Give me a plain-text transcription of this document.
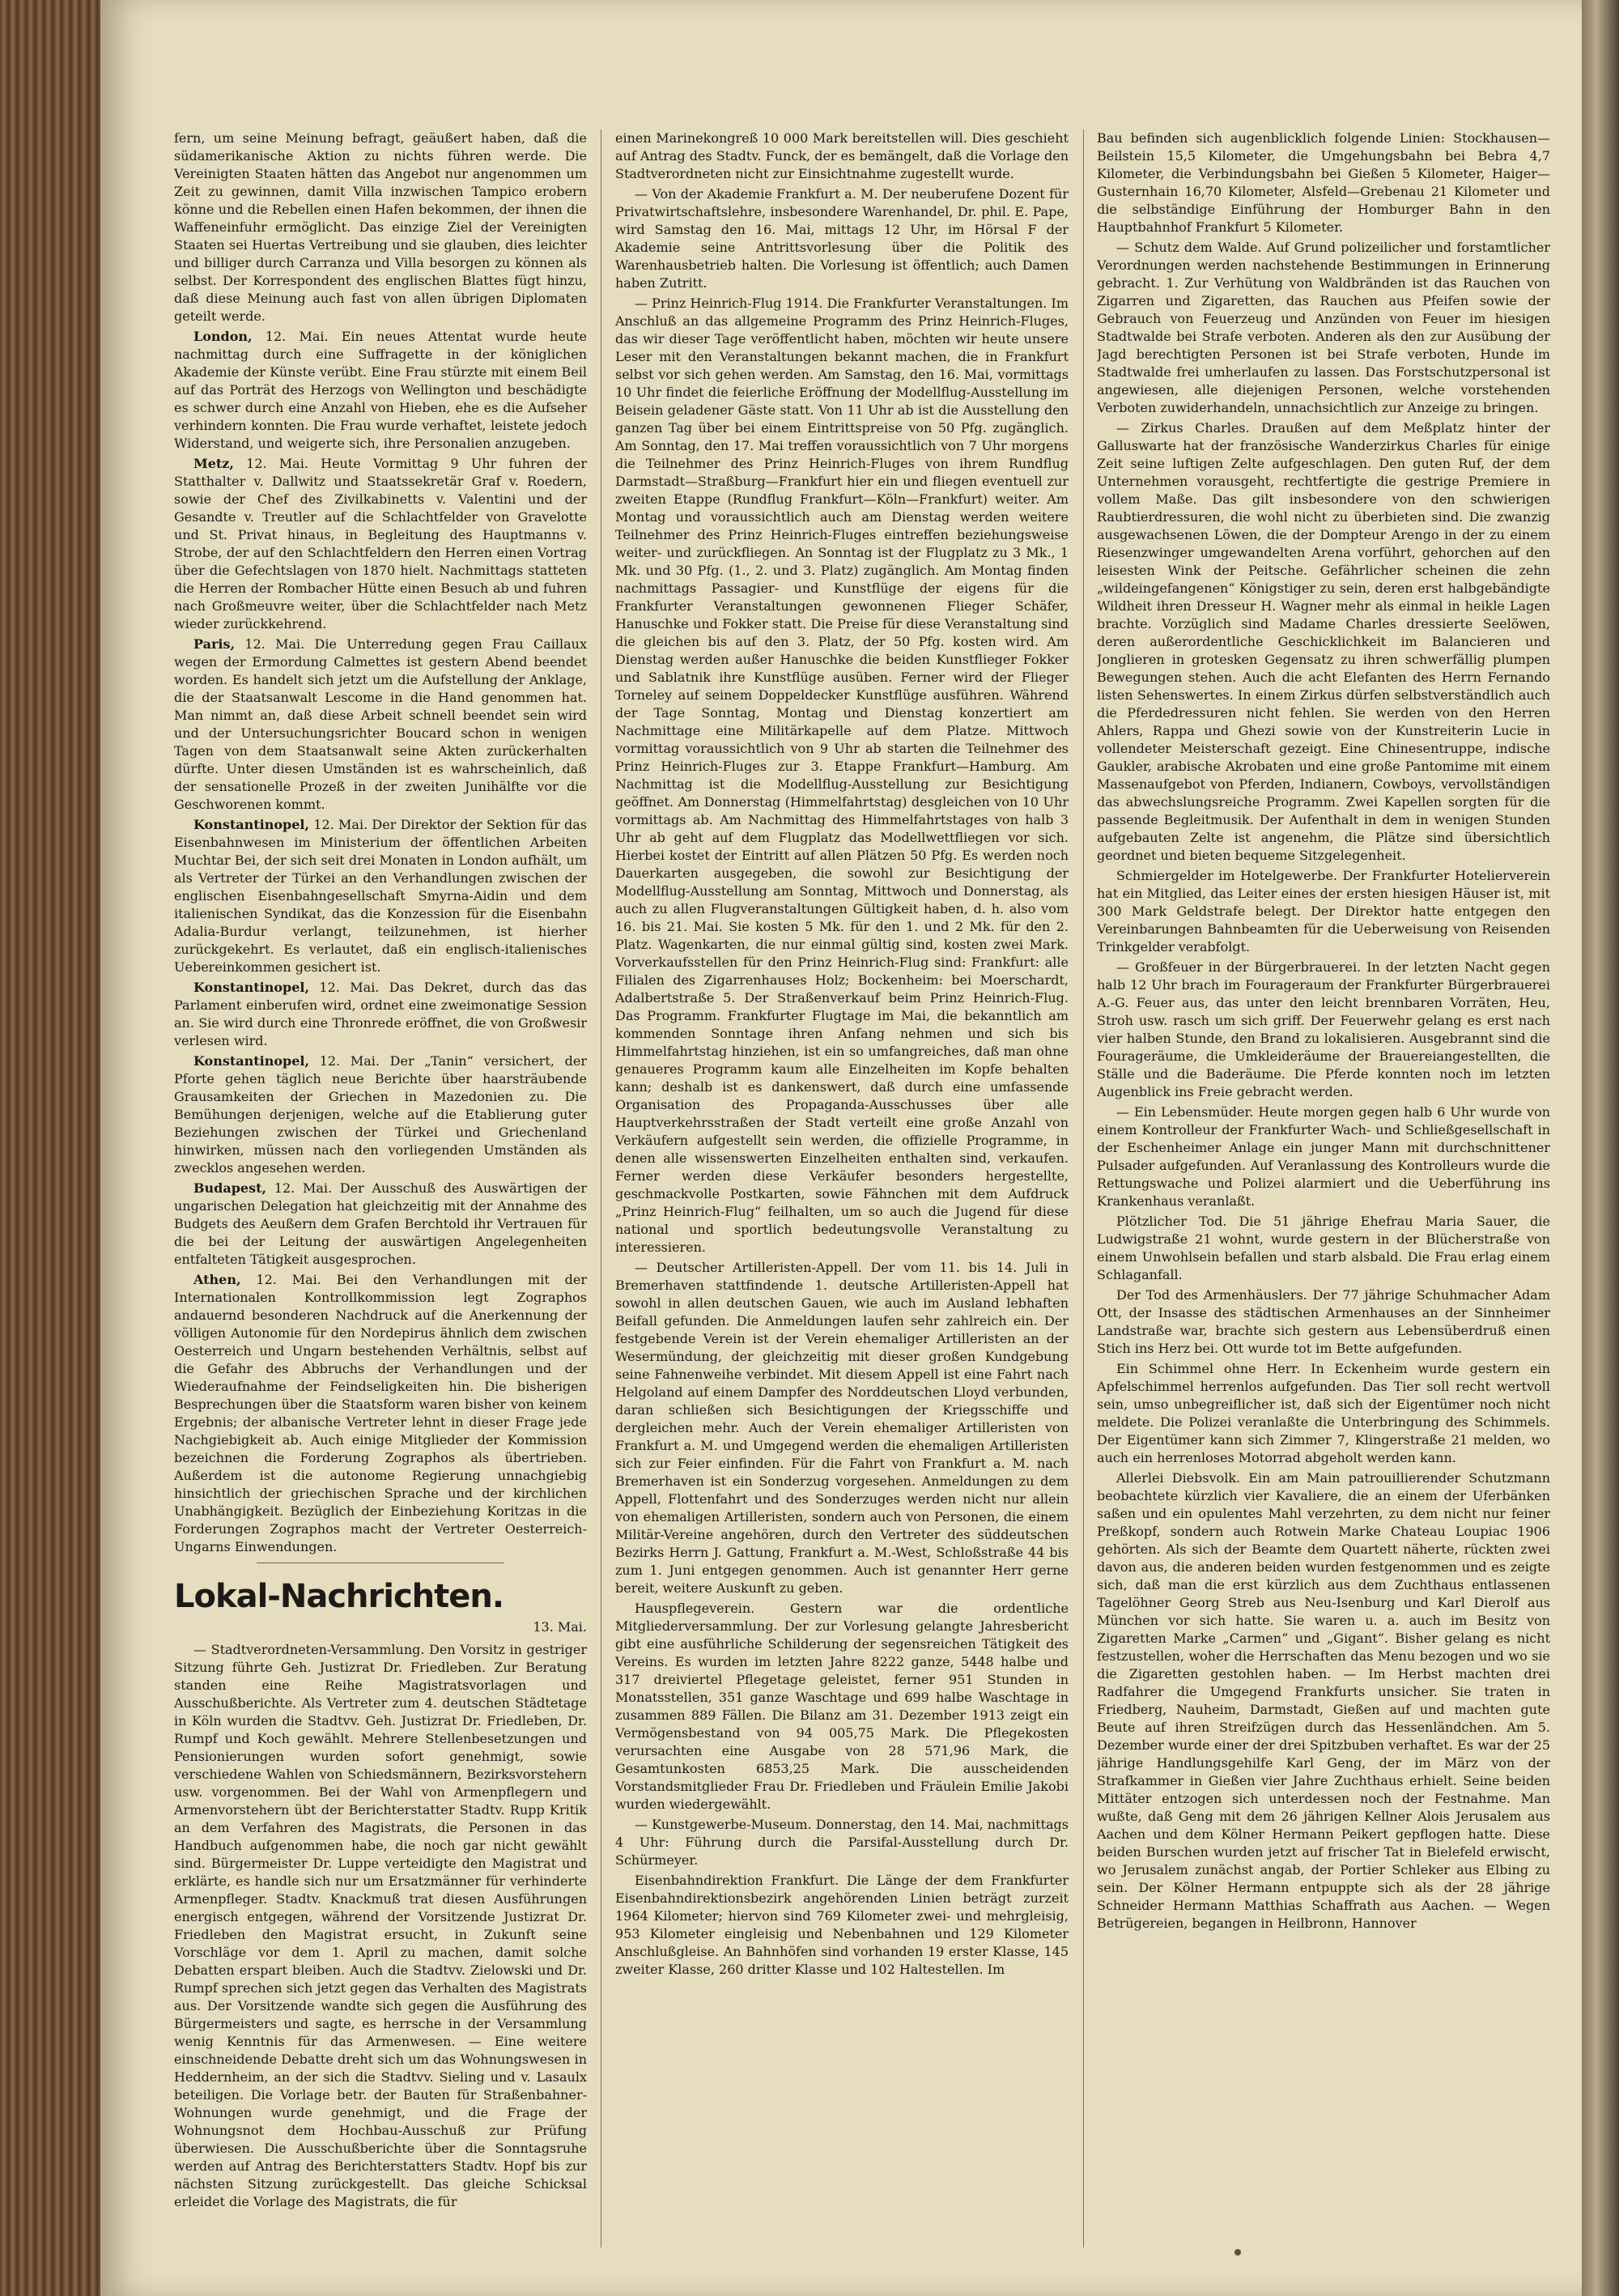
fern, um seine Meinung befragt, geäußert haben, daß die südamerikanische Aktion zu nichts führen werde. Die Vereinigten Staaten hätten das Angebot nur angenommen um Zeit zu gewinnen, damit Villa inzwischen Tampico erobern könne und die Rebellen einen Hafen bekommen, der ihnen die Waffeneinfuhr ermöglicht. Das einzige Ziel der Vereinigten Staaten sei Huertas Vertreibung und sie glauben, dies leichter und billiger durch Carranza und Villa besorgen zu können als selbst. Der Korrespondent des englischen Blattes fügt hinzu, daß diese Meinung auch fast von allen übrigen Diplomaten geteilt werde.

London, 12. Mai. Ein neues Attentat wurde heute nachmittag durch eine Suffragette in der königlichen Akademie der Künste verübt. Eine Frau stürzte mit einem Beil auf das Porträt des Herzogs von Wellington und beschädigte es schwer durch eine Anzahl von Hieben, ehe es die Aufseher verhindern konnten. Die Frau wurde verhaftet, leistete jedoch Widerstand, und weigerte sich, ihre Personalien anzugeben.

Metz, 12. Mai. Heute Vormittag 9 Uhr fuhren der Statthalter v. Dallwitz und Staatssekretär Graf v. Roedern, sowie der Chef des Zivilkabinetts v. Valentini und der Gesandte v. Treutler auf die Schlachtfelder von Gravelotte und St. Privat hinaus, in Begleitung des Hauptmanns v. Strobe, der auf den Schlachtfeldern den Herren einen Vortrag über die Gefechtslagen von 1870 hielt. Nachmittags statteten die Herren der Rombacher Hütte einen Besuch ab und fuhren nach Großmeuvre weiter, über die Schlachtfelder nach Metz wieder zurückkehrend.

Paris, 12. Mai. Die Unterredung gegen Frau Caillaux wegen der Ermordung Calmettes ist gestern Abend beendet worden. Es handelt sich jetzt um die Aufstellung der Anklage, die der Staatsanwalt Lescome in die Hand genommen hat. Man nimmt an, daß diese Arbeit schnell beendet sein wird und der Untersuchungsrichter Boucard schon in wenigen Tagen von dem Staatsanwalt seine Akten zurückerhalten dürfte. Unter diesen Umständen ist es wahrscheinlich, daß der sensationelle Prozeß in der zweiten Junihälfte vor die Geschworenen kommt.

Konstantinopel, 12. Mai. Der Direktor der Sektion für das Eisenbahnwesen im Ministerium der öffentlichen Arbeiten Muchtar Bei, der sich seit drei Monaten in London aufhält, um als Vertreter der Türkei an den Verhandlungen zwischen der englischen Eisenbahngesellschaft Smyrna-Aidin und dem italienischen Syndikat, das die Konzession für die Eisenbahn Adalia-Burdur verlangt, teilzunehmen, ist hierher zurückgekehrt. Es verlautet, daß ein englisch-italienisches Uebereinkommen gesichert ist.

Konstantinopel, 12. Mai. Das Dekret, durch das das Parlament einberufen wird, ordnet eine zweimonatige Session an. Sie wird durch eine Thronrede eröffnet, die von Großwesir verlesen wird.

Konstantinopel, 12. Mai. Der „Tanin“ versichert, der Pforte gehen täglich neue Berichte über haarsträubende Grausamkeiten der Griechen in Mazedonien zu. Die Bemühungen derjenigen, welche auf die Etablierung guter Beziehungen zwischen der Türkei und Griechenland hinwirken, müssen nach den vorliegenden Umständen als zwecklos angesehen werden.

Budapest, 12. Mai. Der Ausschuß des Auswärtigen der ungarischen Delegation hat gleichzeitig mit der Annahme des Budgets des Aeußern dem Grafen Berchtold ihr Vertrauen für die bei der Leitung der auswärtigen Angelegenheiten entfalteten Tätigkeit ausgesprochen.

Athen, 12. Mai. Bei den Verhandlungen mit der Internationalen Kontrollkommission legt Zographos andauernd besonderen Nachdruck auf die Anerkennung der völligen Autonomie für den Nordepirus ähnlich dem zwischen Oesterreich und Ungarn bestehenden Verhältnis, selbst auf die Gefahr des Abbruchs der Verhandlungen und der Wiederaufnahme der Feindseligkeiten hin. Die bisherigen Besprechungen über die Staatsform waren bisher von keinem Ergebnis; der albanische Vertreter lehnt in dieser Frage jede Nachgiebigkeit ab. Auch einige Mitglieder der Kommission bezeichnen die Forderung Zographos als übertrieben. Außerdem ist die autonome Regierung unnachgiebig hinsichtlich der griechischen Sprache und der kirchlichen Unabhängigkeit. Bezüglich der Einbeziehung Koritzas in die Forderungen Zographos macht der Vertreter Oesterreich-Ungarns Einwendungen.

Lokal-Nachrichten.

13. Mai.

— Stadtverordneten-Versammlung. Den Vorsitz in gestriger Sitzung führte Geh. Justizrat Dr. Friedleben. Zur Beratung standen eine Reihe Magistratsvorlagen und Ausschußberichte. Als Vertreter zum 4. deutschen Städtetage in Köln wurden die Stadtvv. Geh. Justizrat Dr. Friedleben, Dr. Rumpf und Koch gewählt. Mehrere Stellenbesetzungen und Pensionierungen wurden sofort genehmigt, sowie verschiedene Wahlen von Schiedsmännern, Bezirksvorstehern usw. vorgenommen. Bei der Wahl von Armenpflegern und Armenvorstehern übt der Berichterstatter Stadtv. Rupp Kritik an dem Verfahren des Magistrats, die Personen in das Handbuch aufgenommen habe, die noch gar nicht gewählt sind. Bürgermeister Dr. Luppe verteidigte den Magistrat und erklärte, es handle sich nur um Ersatzmänner für verhinderte Armenpfleger. Stadtv. Knackmuß trat diesen Ausführungen energisch entgegen, während der Vorsitzende Justizrat Dr. Friedleben den Magistrat ersucht, in Zukunft seine Vorschläge vor dem 1. April zu machen, damit solche Debatten erspart bleiben. Auch die Stadtvv. Zielowski und Dr. Rumpf sprechen sich jetzt gegen das Verhalten des Magistrats aus. Der Vorsitzende wandte sich gegen die Ausführung des Bürgermeisters und sagte, es herrsche in der Versammlung wenig Kenntnis für das Armenwesen. — Eine weitere einschneidende Debatte dreht sich um das Wohnungswesen in Heddernheim, an der sich die Stadtvv. Sieling und v. Lasaulx beteiligen. Die Vorlage betr. der Bauten für Straßenbahner-Wohnungen wurde genehmigt, und die Frage der Wohnungsnot dem Hochbau-Ausschuß zur Prüfung überwiesen. Die Ausschußberichte über die Sonntagsruhe werden auf Antrag des Berichterstatters Stadtv. Hopf bis zur nächsten Sitzung zurückgestellt. Das gleiche Schicksal erleidet die Vorlage des Magistrats, die für

einen Marinekongreß 10 000 Mark bereitstellen will. Dies geschieht auf Antrag des Stadtv. Funck, der es bemängelt, daß die Vorlage den Stadtverordneten nicht zur Einsichtnahme zugestellt wurde.

— Von der Akademie Frankfurt a. M. Der neuberufene Dozent für Privatwirtschaftslehre, insbesondere Warenhandel, Dr. phil. E. Pape, wird Samstag den 16. Mai, mittags 12 Uhr, im Hörsal F der Akademie seine Antrittsvorlesung über die Politik des Warenhausbetrieb halten. Die Vorlesung ist öffentlich; auch Damen haben Zutritt.

— Prinz Heinrich-Flug 1914. Die Frankfurter Veranstaltungen. Im Anschluß an das allgemeine Programm des Prinz Heinrich-Fluges, das wir dieser Tage veröffentlicht haben, möchten wir heute unsere Leser mit den Veranstaltungen bekannt machen, die in Frankfurt selbst vor sich gehen werden. Am Samstag, den 16. Mai, vormittags 10 Uhr findet die feierliche Eröffnung der Modellflug-Ausstellung im Beisein geladener Gäste statt. Von 11 Uhr ab ist die Ausstellung den ganzen Tag über bei einem Eintrittspreise von 50 Pfg. zugänglich. Am Sonntag, den 17. Mai treffen voraussichtlich von 7 Uhr morgens die Teilnehmer des Prinz Heinrich-Fluges von ihrem Rundflug Darmstadt—Straßburg—Frankfurt hier ein und fliegen eventuell zur zweiten Etappe (Rundflug Frankfurt—Köln—Frankfurt) weiter. Am Montag und voraussichtlich auch am Dienstag werden weitere Teilnehmer des Prinz Heinrich-Fluges eintreffen beziehungsweise weiter- und zurückfliegen. An Sonntag ist der Flugplatz zu 3 Mk., 1 Mk. und 30 Pfg. (1., 2. und 3. Platz) zugänglich. Am Montag finden nachmittags Passagier- und Kunstflüge der eigens für die Frankfurter Veranstaltungen gewonnenen Flieger Schäfer, Hanuschke und Fokker statt. Die Preise für diese Veranstaltung sind die gleichen bis auf den 3. Platz, der 50 Pfg. kosten wird. Am Dienstag werden außer Hanuschke die beiden Kunstflieger Fokker und Sablatnik ihre Kunstflüge ausüben. Ferner wird der Flieger Torneley auf seinem Doppeldecker Kunstflüge ausführen. Während der Tage Sonntag, Montag und Dienstag konzertiert am Nachmittage eine Militärkapelle auf dem Platze. Mittwoch vormittag voraussichtlich von 9 Uhr ab starten die Teilnehmer des Prinz Heinrich-Fluges zur 3. Etappe Frankfurt—Hamburg. Am Nachmittag ist die Modellflug-Ausstellung zur Besichtigung geöffnet. Am Donnerstag (Himmelfahrtstag) desgleichen von 10 Uhr vormittags ab. Am Nachmittag des Himmelfahrtstages von halb 3 Uhr ab geht auf dem Flugplatz das Modellwettfliegen vor sich. Hierbei kostet der Eintritt auf allen Plätzen 50 Pfg. Es werden noch Dauerkarten ausgegeben, die sowohl zur Besichtigung der Modellflug-Ausstellung am Sonntag, Mittwoch und Donnerstag, als auch zu allen Flugveranstaltungen Gültigkeit haben, d. h. also vom 16. bis 21. Mai. Sie kosten 5 Mk. für den 1. und 2 Mk. für den 2. Platz. Wagenkarten, die nur einmal gültig sind, kosten zwei Mark. Vorverkaufsstellen für den Prinz Heinrich-Flug sind: Frankfurt: alle Filialen des Zigarrenhauses Holz; Bockenheim: bei Moerschardt, Adalbertstraße 5. Der Straßenverkauf beim Prinz Heinrich-Flug. Das Programm. Frankfurter Flugtage im Mai, die bekanntlich am kommenden Sonntage ihren Anfang nehmen und sich bis Himmelfahrtstag hinziehen, ist ein so umfangreiches, daß man ohne genaueres Programm kaum alle Einzelheiten im Kopfe behalten kann; deshalb ist es dankenswert, daß durch eine umfassende Organisation des Propaganda-Ausschusses über alle Hauptverkehrsstraßen der Stadt verteilt eine große Anzahl von Verkäufern aufgestellt sein werden, die offizielle Programme, in denen alle wissenswerten Einzelheiten enthalten sind, verkaufen. Ferner werden diese Verkäufer besonders hergestellte, geschmackvolle Postkarten, sowie Fähnchen mit dem Aufdruck „Prinz Heinrich-Flug“ feilhalten, um so auch die Jugend für diese national und sportlich bedeutungsvolle Veranstaltung zu interessieren.

— Deutscher Artilleristen-Appell. Der vom 11. bis 14. Juli in Bremerhaven stattfindende 1. deutsche Artilleristen-Appell hat sowohl in allen deutschen Gauen, wie auch im Ausland lebhaften Beifall gefunden. Die Anmeldungen laufen sehr zahlreich ein. Der festgebende Verein ist der Verein ehemaliger Artilleristen an der Wesermündung, der gleichzeitig mit dieser großen Kundgebung seine Fahnenweihe verbindet. Mit diesem Appell ist eine Fahrt nach Helgoland auf einem Dampfer des Norddeutschen Lloyd verbunden, daran schließen sich Besichtigungen der Kriegsschiffe und dergleichen mehr. Auch der Verein ehemaliger Artilleristen von Frankfurt a. M. und Umgegend werden die ehemaligen Artilleristen sich zur Feier einfinden. Für die Fahrt von Frankfurt a. M. nach Bremerhaven ist ein Sonderzug vorgesehen. Anmeldungen zu dem Appell, Flottenfahrt und des Sonderzuges werden nicht nur allein von ehemaligen Artilleristen, sondern auch von Personen, die einem Militär-Vereine angehören, durch den Vertreter des süddeutschen Bezirks Herrn J. Gattung, Frankfurt a. M.-West, Schloßstraße 44 bis zum 1. Juni entgegen genommen. Auch ist genannter Herr gerne bereit, weitere Auskunft zu geben.

Hauspflegeverein. Gestern war die ordentliche Mitgliederversammlung. Der zur Vorlesung gelangte Jahresbericht gibt eine ausführliche Schilderung der segensreichen Tätigkeit des Vereins. Es wurden im letzten Jahre 8222 ganze, 5448 halbe und 317 dreiviertel Pflegetage geleistet, ferner 951 Stunden in Monatsstellen, 351 ganze Waschtage und 699 halbe Waschtage in zusammen 889 Fällen. Die Bilanz am 31. Dezember 1913 zeigt ein Vermögensbestand von 94 005,75 Mark. Die Pflegekosten verursachten eine Ausgabe von 28 571,96 Mark, die Gesamtunkosten 6853,25 Mark. Die ausscheidenden Vorstandsmitglieder Frau Dr. Friedleben und Fräulein Emilie Jakobi wurden wiedergewählt.

— Kunstgewerbe-Museum. Donnerstag, den 14. Mai, nachmittags 4 Uhr: Führung durch die Parsifal-Ausstellung durch Dr. Schürmeyer.

Eisenbahndirektion Frankfurt. Die Länge der dem Frankfurter Eisenbahndirektionsbezirk angehörenden Linien beträgt zurzeit 1964 Kilometer; hiervon sind 769 Kilometer zwei- und mehrgleisig, 953 Kilometer eingleisig und Nebenbahnen und 129 Kilometer Anschlußgleise. An Bahnhöfen sind vorhanden 19 erster Klasse, 145 zweiter Klasse, 260 dritter Klasse und 102 Haltestellen. Im

Bau befinden sich augenblicklich folgende Linien: Stockhausen—Beilstein 15,5 Kilometer, die Umgehungsbahn bei Bebra 4,7 Kilometer, die Verbindungsbahn bei Gießen 5 Kilometer, Haiger—Gusternhain 16,70 Kilometer, Alsfeld—Grebenau 21 Kilometer und die selbständige Einführung der Homburger Bahn in den Hauptbahnhof Frankfurt 5 Kilometer.

— Schutz dem Walde. Auf Grund polizeilicher und forstamtlicher Verordnungen werden nachstehende Bestimmungen in Erinnerung gebracht. 1. Zur Verhütung von Waldbränden ist das Rauchen von Zigarren und Zigaretten, das Rauchen aus Pfeifen sowie der Gebrauch von Feuerzeug und Anzünden von Feuer im hiesigen Stadtwalde bei Strafe verboten. Anderen als den zur Ausübung der Jagd berechtigten Personen ist bei Strafe verboten, Hunde im Stadtwalde frei umherlaufen zu lassen. Das Forstschutzpersonal ist angewiesen, alle diejenigen Personen, welche vorstehenden Verboten zuwiderhandeln, unnachsichtlich zur Anzeige zu bringen.

— Zirkus Charles. Draußen auf dem Meßplatz hinter der Galluswarte hat der französische Wanderzirkus Charles für einige Zeit seine luftigen Zelte aufgeschlagen. Den guten Ruf, der dem Unternehmen vorausgeht, rechtfertigte die gestrige Premiere in vollem Maße. Das gilt insbesondere von den schwierigen Raubtierdressuren, die wohl nicht zu überbieten sind. Die zwanzig ausgewachsenen Löwen, die der Dompteur Arengo in der zu einem Riesenzwinger umgewandelten Arena vorführt, gehorchen auf den leisesten Wink der Peitsche. Gefährlicher scheinen die zehn „wildeingefangenen“ Königstiger zu sein, deren erst halbgebändigte Wildheit ihren Dresseur H. Wagner mehr als einmal in heikle Lagen brachte. Vorzüglich sind Madame Charles dressierte Seelöwen, deren außerordentliche Geschicklichkeit im Balancieren und Jonglieren in grotesken Gegensatz zu ihren schwerfällig plumpen Bewegungen stehen. Auch die acht Elefanten des Herrn Fernando listen Sehenswertes. In einem Zirkus dürfen selbstverständlich auch die Pferdedressuren nicht fehlen. Sie werden von den Herren Ahlers, Rappa und Ghezi sowie von der Kunstreiterin Lucie in vollendeter Meisterschaft gezeigt. Eine Chinesentruppe, indische Gaukler, arabische Akrobaten und eine große Pantomime mit einem Massenaufgebot von Pferden, Indianern, Cowboys, vervollständigen das abwechslungsreiche Programm. Zwei Kapellen sorgten für die passende Begleitmusik. Der Aufenthalt in dem in wenigen Stunden aufgebauten Zelte ist angenehm, die Plätze sind übersichtlich geordnet und bieten bequeme Sitzgelegenheit.

Schmiergelder im Hotelgewerbe. Der Frankfurter Hotelierverein hat ein Mitglied, das Leiter eines der ersten hiesigen Häuser ist, mit 300 Mark Geldstrafe belegt. Der Direktor hatte entgegen den Vereinbarungen Bahnbeamten für die Ueberweisung von Reisenden Trinkgelder verabfolgt.

— Großfeuer in der Bürgerbrauerei. In der letzten Nacht gegen halb 12 Uhr brach im Fourageraum der Frankfurter Bürgerbrauerei A.-G. Feuer aus, das unter den leicht brennbaren Vorräten, Heu, Stroh usw. rasch um sich griff. Der Feuerwehr gelang es erst nach vier halben Stunde, den Brand zu lokalisieren. Ausgebrannt sind die Fourageräume, die Umkleideräume der Brauereiangestellten, die Ställe und die Baderäume. Die Pferde konnten noch im letzten Augenblick ins Freie gebracht werden.

— Ein Lebensmüder. Heute morgen gegen halb 6 Uhr wurde von einem Kontrolleur der Frankfurter Wach- und Schließgesellschaft in der Eschenheimer Anlage ein junger Mann mit durchschnittener Pulsader aufgefunden. Auf Veranlassung des Kontrolleurs wurde die Rettungswache und Polizei alarmiert und die Ueberführung ins Krankenhaus veranlaßt.

Plötzlicher Tod. Die 51 jährige Ehefrau Maria Sauer, die Ludwigstraße 21 wohnt, wurde gestern in der Blücherstraße von einem Unwohlsein befallen und starb alsbald. Die Frau erlag einem Schlaganfall.

Der Tod des Armenhäuslers. Der 77 jährige Schuhmacher Adam Ott, der Insasse des städtischen Armenhauses an der Sinnheimer Landstraße war, brachte sich gestern aus Lebensüberdruß einen Stich ins Herz bei. Ott wurde tot im Bette aufgefunden.

Ein Schimmel ohne Herr. In Eckenheim wurde gestern ein Apfelschimmel herrenlos aufgefunden. Das Tier soll recht wertvoll sein, umso unbegreiflicher ist, daß sich der Eigentümer noch nicht meldete. Die Polizei veranlaßte die Unterbringung des Schimmels. Der Eigentümer kann sich Zimmer 7, Klingerstraße 21 melden, wo auch ein herrenloses Motorrad abgeholt werden kann.

Allerlei Diebsvolk. Ein am Main patrouillierender Schutzmann beobachtete kürzlich vier Kavaliere, die an einem der Uferbänken saßen und ein opulentes Mahl verzehrten, zu dem nicht nur feiner Preßkopf, sondern auch Rotwein Marke Chateau Loupiac 1906 gehörten. Als sich der Beamte dem Quartett näherte, rückten zwei davon aus, die anderen beiden wurden festgenommen und es zeigte sich, daß man die erst kürzlich aus dem Zuchthaus entlassenen Tagelöhner Georg Streb aus Neu-Isenburg und Karl Dierolf aus München vor sich hatte. Sie waren u. a. auch im Besitz von Zigaretten Marke „Carmen“ und „Gigant“. Bisher gelang es nicht festzustellen, woher die Herrschaften das Menu bezogen und wo sie die Zigaretten gestohlen haben. — Im Herbst machten drei Radfahrer die Umgegend Frankfurts unsicher. Sie traten in Friedberg, Nauheim, Darmstadt, Gießen auf und machten gute Beute auf ihren Streifzügen durch das Hessenländchen. Am 5. Dezember wurde einer der drei Spitzbuben verhaftet. Es war der 25 jährige Handlungsgehilfe Karl Geng, der im März von der Strafkammer in Gießen vier Jahre Zuchthaus erhielt. Seine beiden Mittäter entzogen sich unterdessen noch der Festnahme. Man wußte, daß Geng mit dem 26 jährigen Kellner Alois Jerusalem aus Aachen und dem Kölner Hermann Peikert gepflogen hatte. Diese beiden Burschen wurden jetzt auf frischer Tat in Bielefeld erwischt, wo Jerusalem zunächst angab, der Portier Schleker aus Elbing zu sein. Der Kölner Hermann entpuppte sich als der 28 jährige Schneider Hermann Matthias Schaffrath aus Aachen. — Wegen Betrügereien, begangen in Heilbronn, Hannover
